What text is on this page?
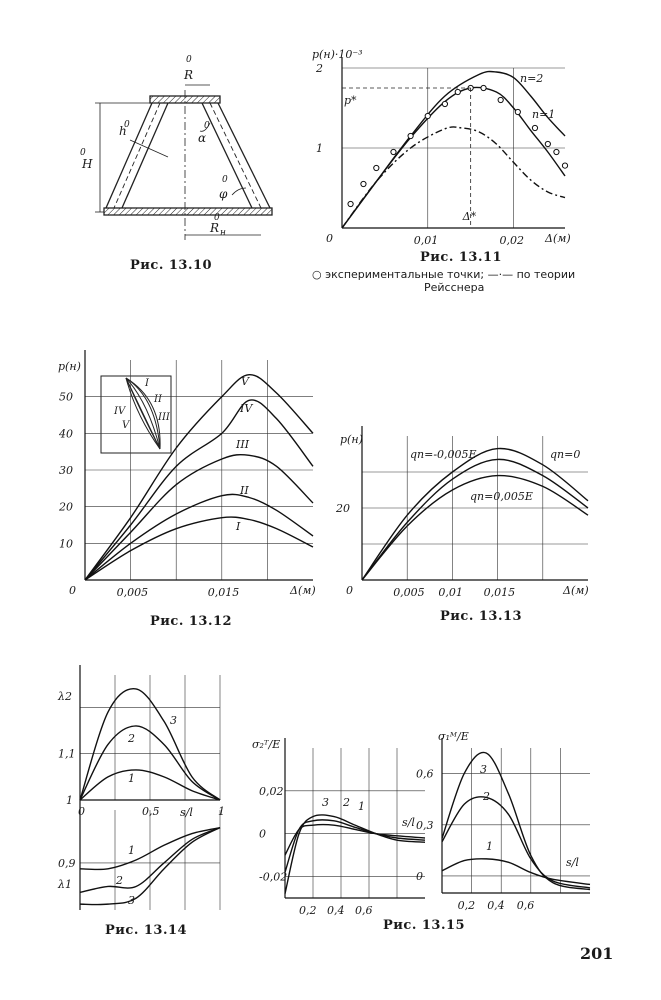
0
R
0
h
0
H
0
α
0
φ
0
R н
I
II
III
IV
V
0,01	0,02
1
2
0
p(н)·10⁻³
Δ(м)
n=2
n=1
p*
Δ*
0,005	0,015
10
20
30
40
50
0
p(н)
Δ(м)
I
II
III
IV
V
0,005 0,01 0,015
20
0
p(н)
Δ(м)
qn=-0,005E	qn=0
qn=0,005E
λ2
λ1
s/l
0	0,5	1
1
1,1
0,9
1
2
3
1
2
3
0,2 0,4 0,6
0,02
0
-0,02
σ₂ᵀ/E
s/l
1
2
3
0,2 0,4 0,6
0,6
0,3
0
σ₁ᴹ/E
s/l
1
2
3
Рис. 13.10
Рис. 13.11
○ экспериментальные точки; —·— по теории
Рейсснера
Рис. 13.12	Рис. 13.13
Рис. 13.14	Рис. 13.15
201
